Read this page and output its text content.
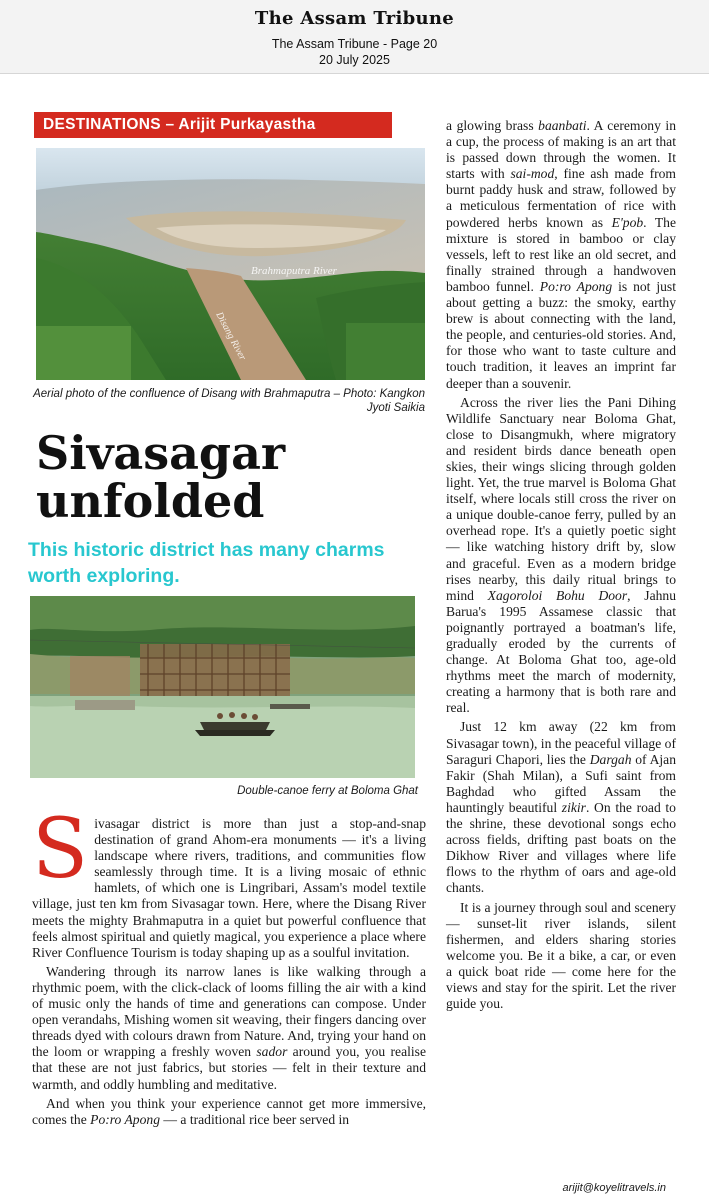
The Assam Tribune
The Assam Tribune - Page 20
20 July 2025
DESTINATIONS – Arijit Purkayastha
Brahmaputra River
Disang River
Aerial photo of the confluence of Disang with Brahmaputra – Photo: Kangkon Jyoti Saikia
Sivasagar unfolded
This historic district has many charms worth exploring.
Double-canoe ferry at Boloma Ghat

Sivasagar district is more than just a stop-and-snap destination of grand Ahom-era monuments — it's a living landscape where rivers, traditions, and communities flow seamlessly through time. It is a living mosaic of ethnic hamlets, of which one is Lingribari, Assam's model textile village, just ten km from Sivasagar town. Here, where the Disang River meets the mighty Brahmaputra in a quiet but powerful confluence that feels almost spiritual and quietly magical, you experience a place where River Confluence Tourism is today shaping up as a soulful invitation.

Wandering through its narrow lanes is like walking through a rhythmic poem, with the click-clack of looms filling the air with a kind of music only the hands of time and generations can compose. Under open verandahs, Mishing women sit weaving, their fingers dancing over threads dyed with colours drawn from Nature. And, trying your hand on the loom or wrapping a freshly woven sador around you, you realise that these are not just fabrics, but stories — felt in their texture and warmth, and oddly humbling and meditative.

And when you think your experience cannot get more immersive, comes the Po:ro Apong — a traditional rice beer served in

a glowing brass baanbati. A ceremony in a cup, the process of making is an art that is passed down through the women. It starts with sai-mod, fine ash made from burnt paddy husk and straw, followed by a meticulous fermentation of rice with powdered herbs known as E'pob. The mixture is stored in bamboo or clay vessels, left to rest like an old secret, and finally strained through a handwoven bamboo funnel. Po:ro Apong is not just about getting a buzz: the smoky, earthy brew is about connecting with the land, the people, and centuries-old stories. And, for those who want to taste culture and touch tradition, it leaves an imprint far deeper than a souvenir.

Across the river lies the Pani Dihing Wildlife Sanctuary near Boloma Ghat, close to Disangmukh, where migratory and resident birds dance beneath open skies, their wings slicing through golden light. Yet, the true marvel is Boloma Ghat itself, where locals still cross the river on a unique double-canoe ferry, pulled by an overhead rope. It's a quietly poetic sight — like watching history drift by, slow and graceful. Even as a modern bridge rises nearby, this daily ritual brings to mind Xagoroloi Bohu Door, Jahnu Barua's 1995 Assamese classic that poignantly portrayed a boatman's life, gradually eroded by the currents of change. At Boloma Ghat too, age-old rhythms meet the march of modernity, creating a harmony that is both rare and real.

Just 12 km away (22 km from Sivasagar town), in the peaceful village of Saraguri Chapori, lies the Dargah of Ajan Fakir (Shah Milan), a Sufi saint from Baghdad who gifted Assam the hauntingly beautiful zikir. On the road to the shrine, these devotional songs echo across fields, drifting past boats on the Dikhow River and villages where life flows to the rhythm of oars and age-old chants.

It is a journey through soul and scenery — sunset-lit river islands, silent fishermen, and elders sharing stories welcome you. Be it a bike, a car, or even a quick boat ride — come here for the views and stay for the spirit. Let the river guide you.

arijit@koyelitravels.in
